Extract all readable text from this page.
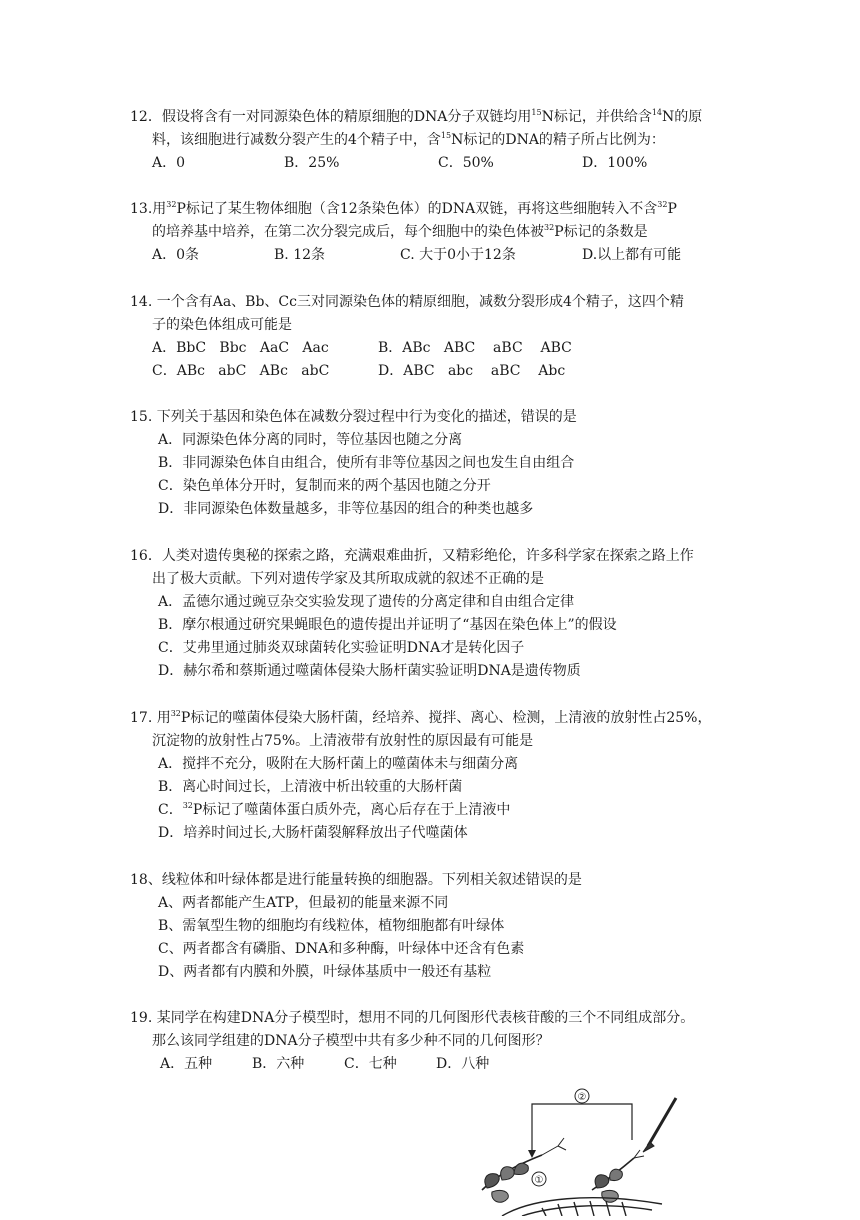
12．假设将含有一对同源染色体的精原细胞的DNA分子双链均用$^{15}$N标记，并供给含$^{14}$N的原
料，该细胞进行减数分裂产生的4个精子中，含$^{15}$N标记的DNA的精子所占比例为：
A．0	B．25%	C．50%	D．100%
13.用$^{32}$P标记了某生物体细胞（含12条染色体）的DNA双链，再将这些细胞转入不含$^{32}$P
的培养基中培养，在第二次分裂完成后，每个细胞中的染色体被$^{32}$P标记的条数是
A．0条	B. 12条	C. 大于0小于12条	D.以上都有可能
14. 一个含有Aa、Bb、Cc三对同源染色体的精原细胞，减数分裂形成4个精子，这四个精
子的染色体组成可能是
A．BbC   Bbc   AaC   Aac	B．ABc   ABC    aBC    ABC
C．ABc   abC   ABc   abC	D．ABC   abc    aBC    Abc
15. 下列关于基因和染色体在减数分裂过程中行为变化的描述，错误的是
A．同源染色体分离的同时，等位基因也随之分离
B．非同源染色体自由组合，使所有非等位基因之间也发生自由组合
C．染色单体分开时，复制而来的两个基因也随之分开
D．非同源染色体数量越多，非等位基因的组合的种类也越多
16．人类对遗传奥秘的探索之路，充满艰难曲折，又精彩绝伦，许多科学家在探索之路上作
出了极大贡献。下列对遗传学家及其所取成就的叙述不正确的是
A．孟德尔通过豌豆杂交实验发现了遗传的分离定律和自由组合定律
B．摩尔根通过研究果蝇眼色的遗传提出并证明了“基因在染色体上”的假设
C．艾弗里通过肺炎双球菌转化实验证明DNA才是转化因子
D．赫尔希和蔡斯通过噬菌体侵染大肠杆菌实验证明DNA是遗传物质
17. 用$^{32}$P标记的噬菌体侵染大肠杆菌，经培养、搅拌、离心、检测，上清液的放射性占25%，
沉淀物的放射性占75%。上清液带有放射性的原因最有可能是
A．搅拌不充分，吸附在大肠杆菌上的噬菌体未与细菌分离
B．离心时间过长，上清液中析出较重的大肠杆菌
C．$^{32}$P标记了噬菌体蛋白质外壳，离心后存在于上清液中
D．培养时间过长,大肠杆菌裂解释放出子代噬菌体
18、线粒体和叶绿体都是进行能量转换的细胞器。下列相关叙述错误的是
A、两者都能产生ATP，但最初的能量来源不同
B、需氧型生物的细胞均有线粒体，植物细胞都有叶绿体
C、两者都含有磷脂、DNA和多种酶，叶绿体中还含有色素
D、两者都有内膜和外膜，叶绿体基质中一般还有基粒
19. 某同学在构建DNA分子模型时，想用不同的几何图形代表核苷酸的三个不同组成部分。
那么该同学组建的DNA分子模型中共有多少种不同的几何图形？
A．五种	B．六种	C．七种	D．八种
②
①
